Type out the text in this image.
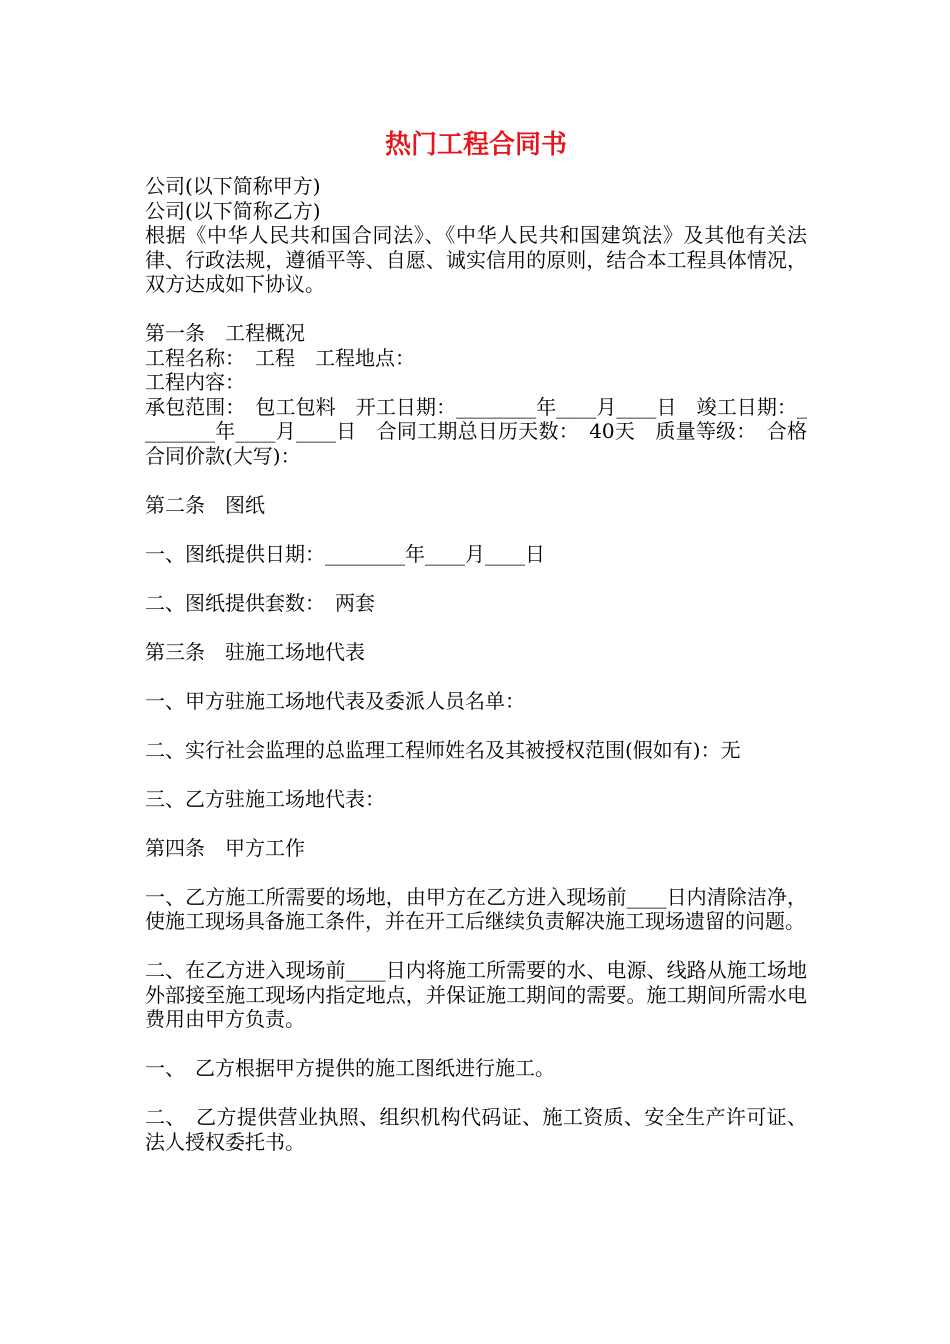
热门工程合同书

公司(以下简称甲方)

公司(以下简称乙方)

根据《中华人民共和国合同法》、《中华人民共和国建筑法》及其他有关法律、行政法规，遵循平等、自愿、诚实信用的原则，结合本工程具体情况，双方达成如下协议。

第一条　工程概况

工程名称：　工程　工程地点：

工程内容：

承包范围：　包工包料　开工日期：________年____月____日　竣工日期：________年____月____日　合同工期总日历天数：　40天　质量等级：　合格　合同价款(大写)：

第二条　图纸

一、图纸提供日期：________年____月____日

二、图纸提供套数：　两套

第三条　驻施工场地代表

一、甲方驻施工场地代表及委派人员名单：

二、实行社会监理的总监理工程师姓名及其被授权范围(假如有)：无

三、乙方驻施工场地代表：

第四条　甲方工作

一、乙方施工所需要的场地，由甲方在乙方进入现场前____日内清除洁净，使施工现场具备施工条件，并在开工后继续负责解决施工现场遗留的问题。

二、在乙方进入现场前____日内将施工所需要的水、电源、线路从施工场地外部接至施工现场内指定地点，并保证施工期间的需要。施工期间所需水电费用由甲方负责。

一、　乙方根据甲方提供的施工图纸进行施工。

二、　乙方提供营业执照、组织机构代码证、施工资质、安全生产许可证、法人授权委托书。
